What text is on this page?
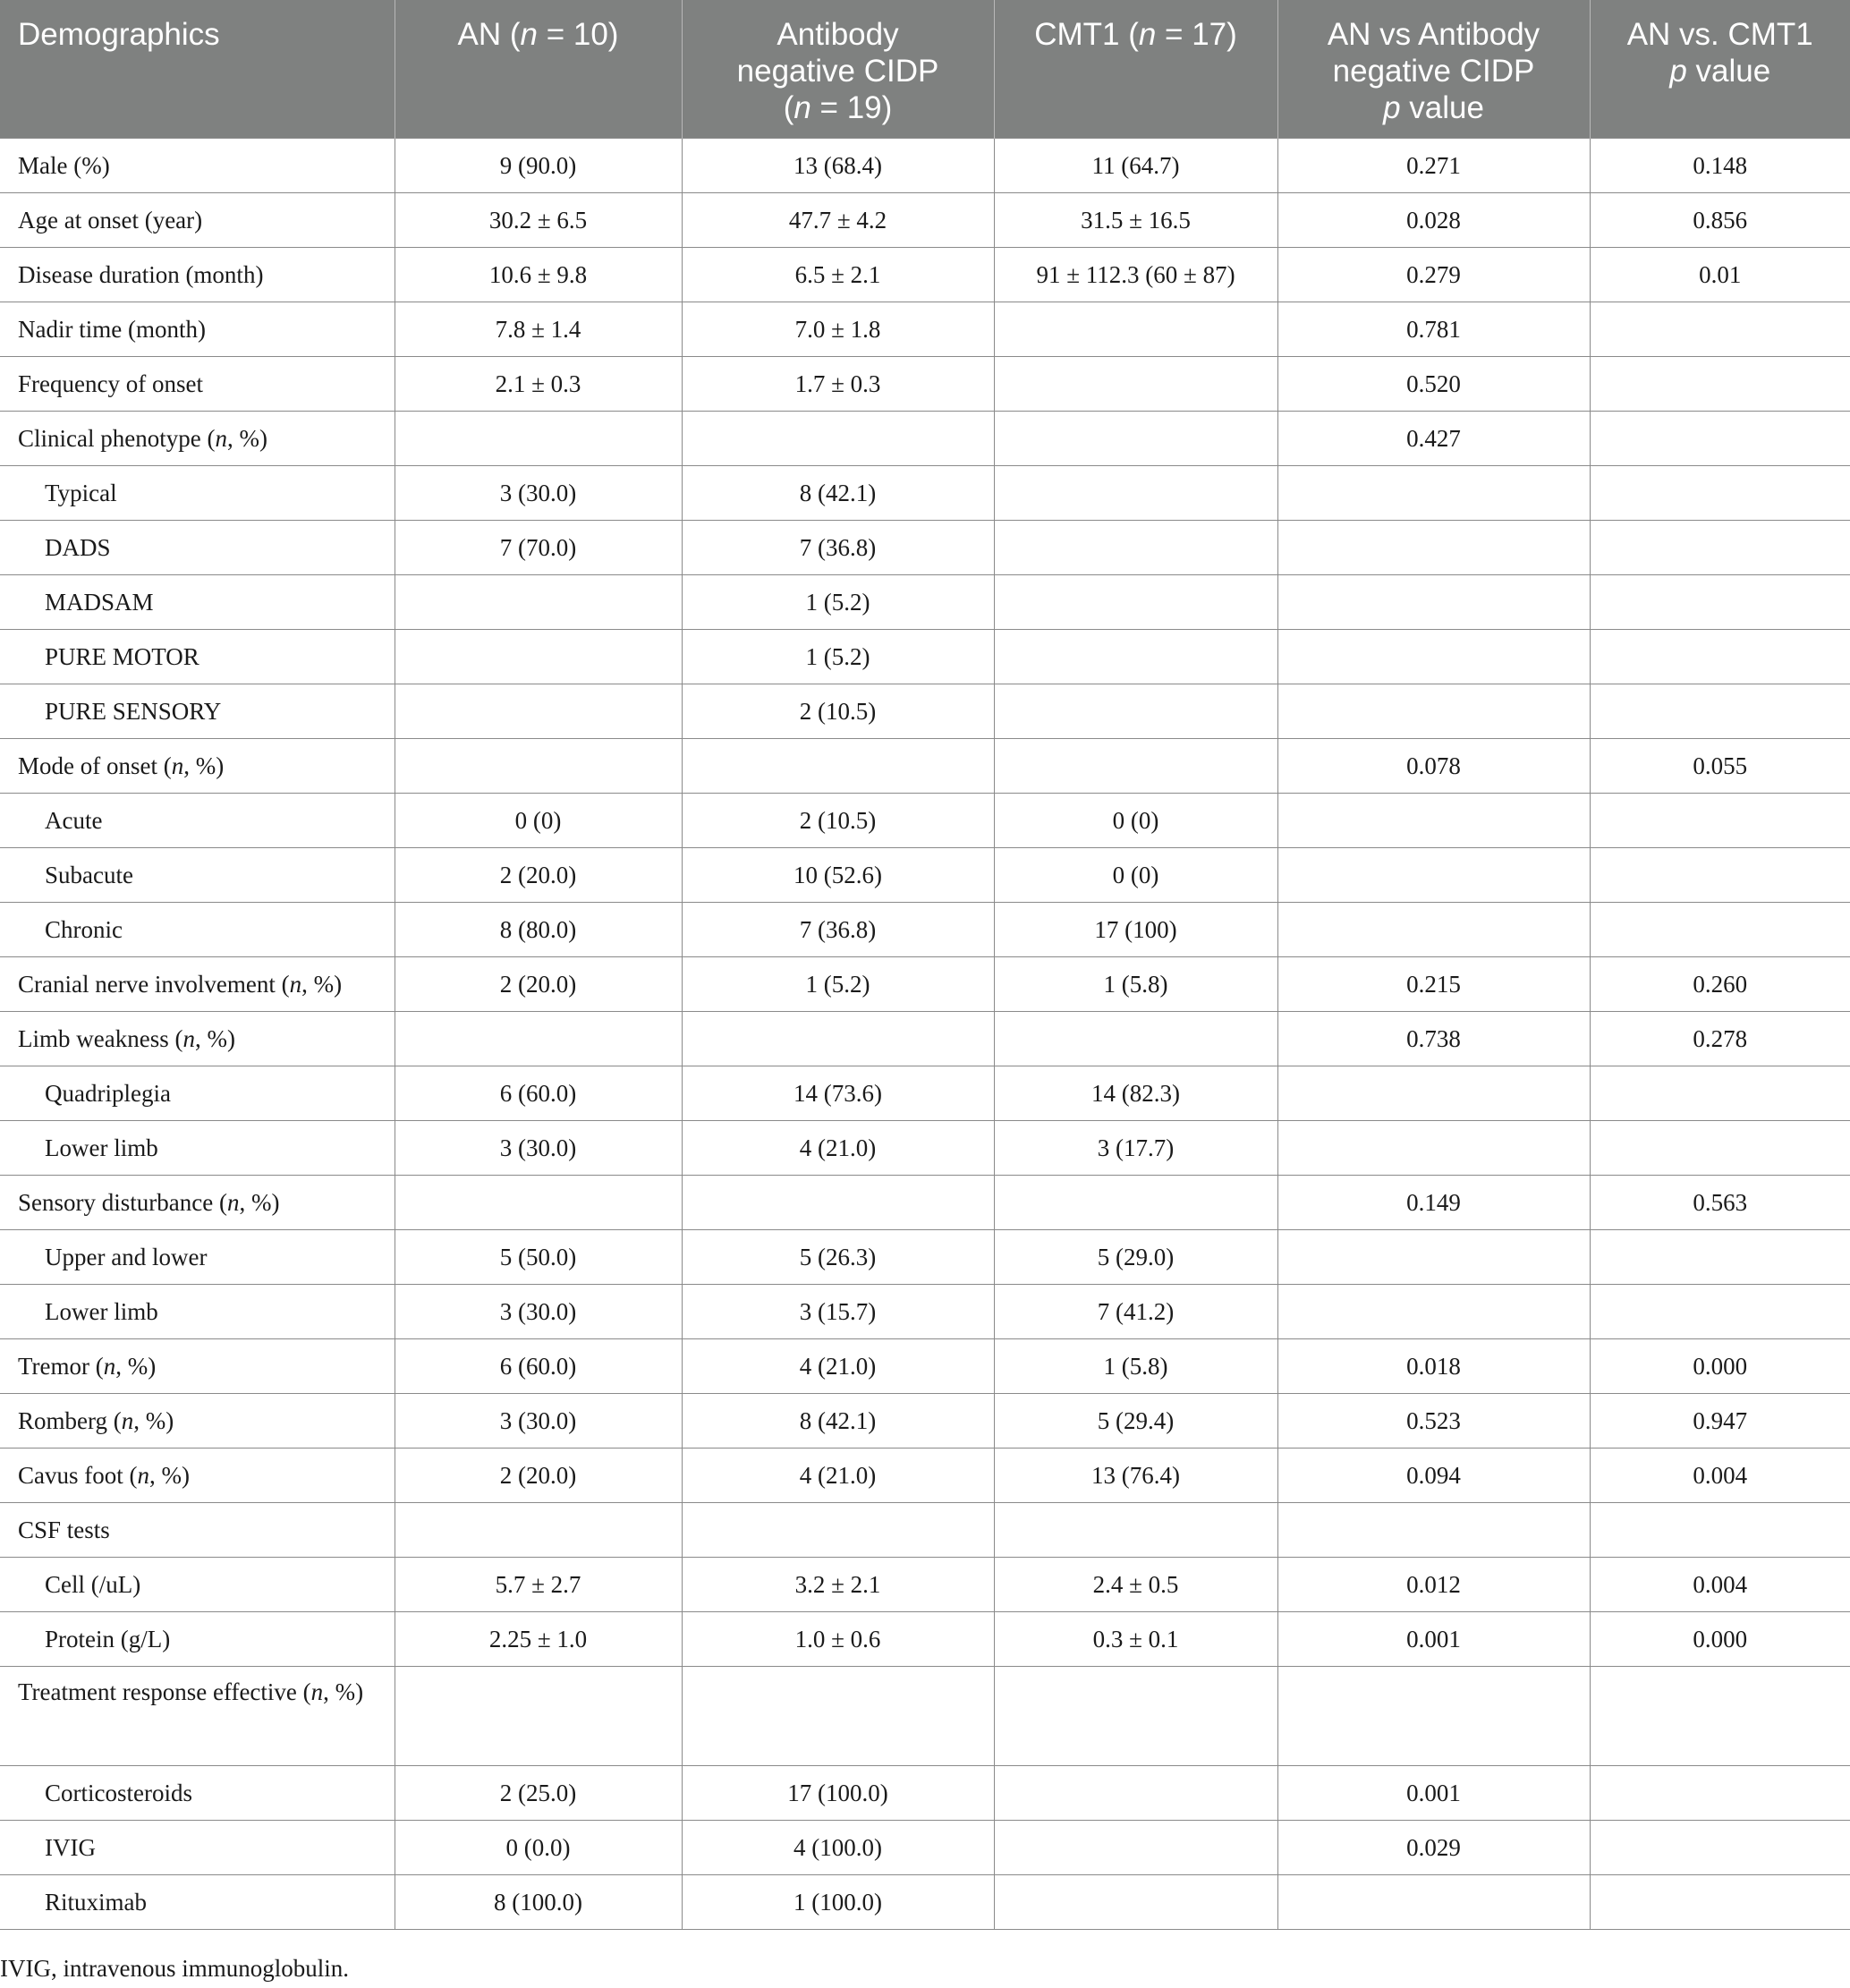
Demographics	AN (n = 10)	Antibody
negative CIDP
(n = 19)	CMT1 (n = 17)	AN vs Antibody
negative CIDP
p value	AN vs. CMT1
p value
Male (%)	9 (90.0)	13 (68.4)	11 (64.7)	0.271	0.148
Age at onset (year)	30.2 ± 6.5	47.7 ± 4.2	31.5 ± 16.5	0.028	0.856
Disease duration (month)	10.6 ± 9.8	6.5 ± 2.1	91 ± 112.3 (60 ± 87)	0.279	0.01
Nadir time (month)	7.8 ± 1.4	7.0 ± 1.8		0.781	
Frequency of onset	2.1 ± 0.3	1.7 ± 0.3		0.520	
Clinical phenotype (n, %)				0.427	
Typical	3 (30.0)	8 (42.1)			
DADS	7 (70.0)	7 (36.8)			
MADSAM		1 (5.2)			
PURE MOTOR		1 (5.2)			
PURE SENSORY		2 (10.5)			
Mode of onset (n, %)				0.078	0.055
Acute	0 (0)	2 (10.5)	0 (0)		
Subacute	2 (20.0)	10 (52.6)	0 (0)		
Chronic	8 (80.0)	7 (36.8)	17 (100)		
Cranial nerve involvement (n, %)	2 (20.0)	1 (5.2)	1 (5.8)	0.215	0.260
Limb weakness (n, %)				0.738	0.278
Quadriplegia	6 (60.0)	14 (73.6)	14 (82.3)		
Lower limb	3 (30.0)	4 (21.0)	3 (17.7)		
Sensory disturbance (n, %)				0.149	0.563
Upper and lower	5 (50.0)	5 (26.3)	5 (29.0)		
Lower limb	3 (30.0)	3 (15.7)	7 (41.2)		
Tremor (n, %)	6 (60.0)	4 (21.0)	1 (5.8)	0.018	0.000
Romberg (n, %)	3 (30.0)	8 (42.1)	5 (29.4)	0.523	0.947
Cavus foot (n, %)	2 (20.0)	4 (21.0)	13 (76.4)	0.094	0.004
CSF tests					
Cell (/uL)	5.7 ± 2.7	3.2 ± 2.1	2.4 ± 0.5	0.012	0.004
Protein (g/L)	2.25 ± 1.0	1.0 ± 0.6	0.3 ± 0.1	0.001	0.000
Treatment response effective (n, %)					
Corticosteroids	2 (25.0)	17 (100.0)		0.001	
IVIG	0 (0.0)	4 (100.0)		0.029	
Rituximab	8 (100.0)	1 (100.0)			
IVIG, intravenous immunoglobulin.
